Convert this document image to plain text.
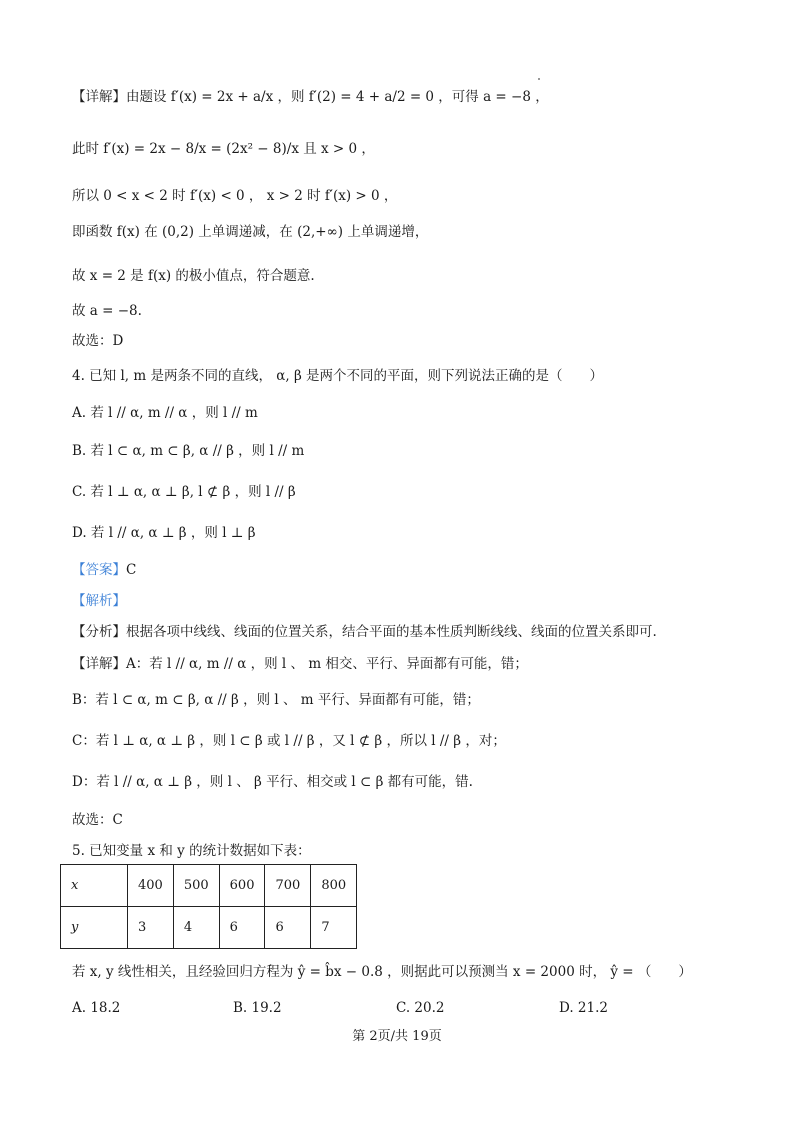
【详解】由题设 f′(x) = 2x + a/x ，则 f′(2) = 4 + a/2 = 0 ，可得 a = −8 ，
此时 f′(x) = 2x − 8/x = (2x² − 8)/x 且 x > 0 ，
所以 0 < x < 2 时 f′(x) < 0 ， x > 2 时 f′(x) > 0 ，
即函数 f(x) 在 (0,2) 上单调递减，在 (2,+∞) 上单调递增，
故 x = 2 是 f(x) 的极小值点，符合题意.
故 a = −8.
故选：D
4. 已知 l, m 是两条不同的直线， α, β 是两个不同的平面，则下列说法正确的是（　　）
A. 若 l // α, m // α ，则 l // m
B. 若 l ⊂ α, m ⊂ β, α // β ，则 l // m
C. 若 l ⊥ α, α ⊥ β, l ⊄ β ，则 l // β
D. 若 l // α, α ⊥ β ，则 l ⊥ β
【答案】C
【解析】
【分析】根据各项中线线、线面的位置关系，结合平面的基本性质判断线线、线面的位置关系即可.
【详解】A：若 l // α, m // α ，则 l 、 m 相交、平行、异面都有可能，错；
B：若 l ⊂ α, m ⊂ β, α // β ，则 l 、 m 平行、异面都有可能，错；
C：若 l ⊥ α, α ⊥ β ，则 l ⊂ β 或 l // β ，又 l ⊄ β ，所以 l // β ，对；
D：若 l // α, α ⊥ β ，则 l 、 β 平行、相交或 l ⊂ β 都有可能，错.
故选：C
5. 已知变量 x 和 y 的统计数据如下表：
若 x, y 线性相关，且经验回归方程为 ŷ = b̂x − 0.8 ，则据此可以预测当 x = 2000 时， ŷ = （　　）
x	400	500	600	700	800
y	3	4	6	6	7
A. 18.2	B. 19.2	C. 20.2	D. 21.2
第 2页/共 19页
